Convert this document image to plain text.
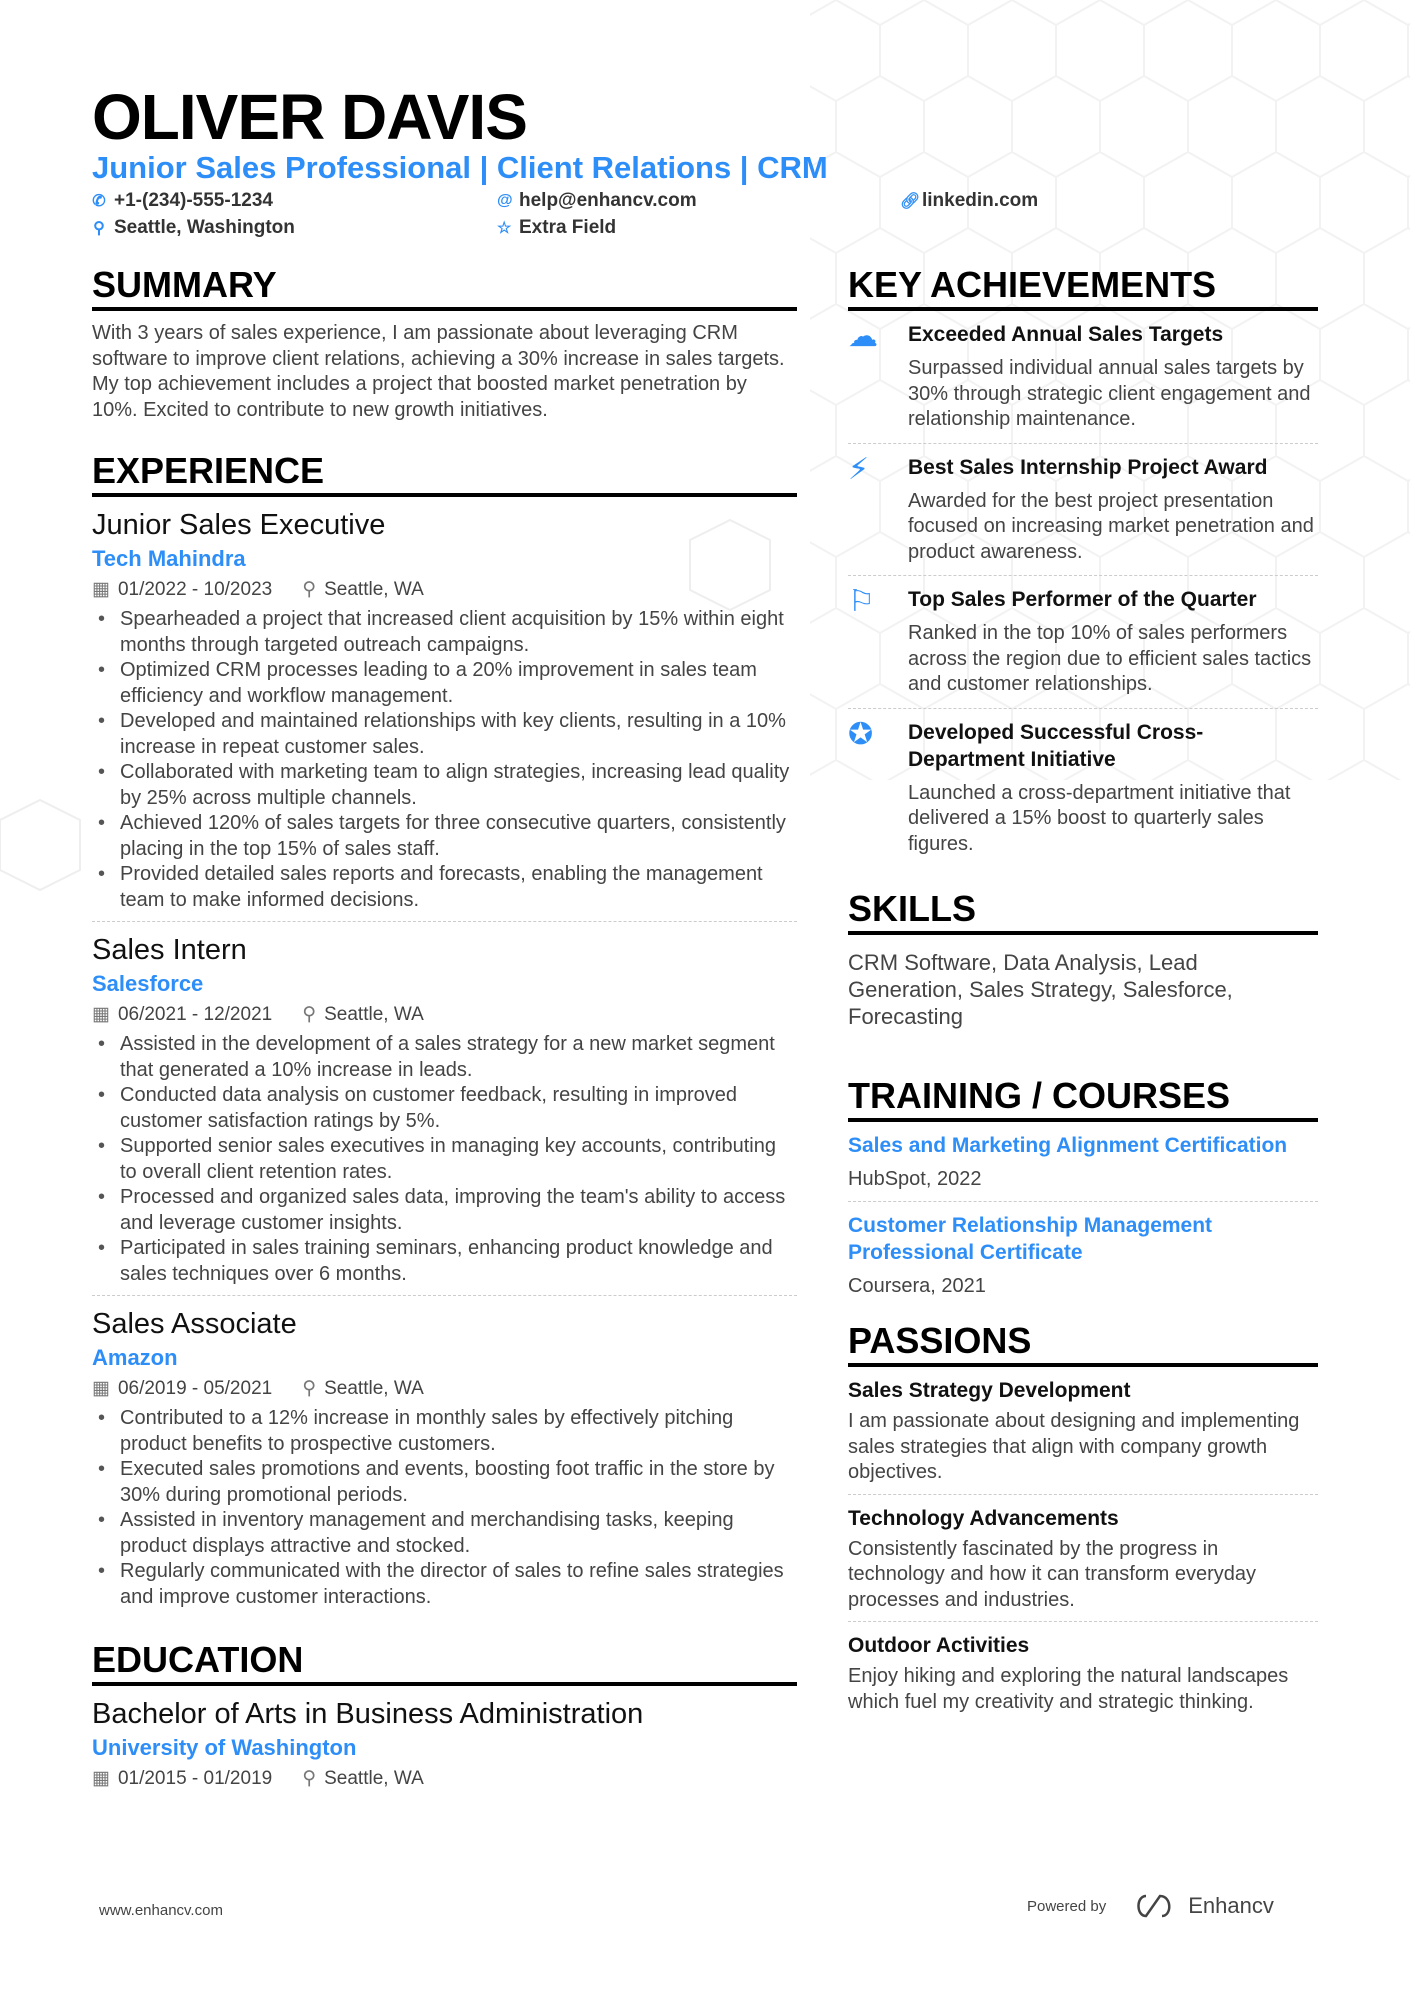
OLIVER DAVIS
Junior Sales Professional | Client Relations | CRM
✆ +1-(234)-555-1234	@ help@enhancv.com	🔗︎ linkedin.com
⚲ Seattle, Washington	☆ Extra Field
SUMMARY

With 3 years of sales experience, I am passionate about leveraging CRM software to improve client relations, achieving a 30% increase in sales targets. My top achievement includes a project that boosted market penetration by 10%. Excited to contribute to new growth initiatives.

EXPERIENCE
Junior Sales Executive
Tech Mahindra
▦ 01/2022 - 10/2023 ⚲ Seattle, WA
• Spearheaded a project that increased client acquisition by 15% within eight months through targeted outreach campaigns.
• Optimized CRM processes leading to a 20% improvement in sales team efficiency and workflow management.
• Developed and maintained relationships with key clients, resulting in a 10% increase in repeat customer sales.
• Collaborated with marketing team to align strategies, increasing lead quality by 25% across multiple channels.
• Achieved 120% of sales targets for three consecutive quarters, consistently placing in the top 15% of sales staff.
• Provided detailed sales reports and forecasts, enabling the management team to make informed decisions.
Sales Intern
Salesforce
▦ 06/2021 - 12/2021 ⚲ Seattle, WA
• Assisted in the development of a sales strategy for a new market segment that generated a 10% increase in leads.
• Conducted data analysis on customer feedback, resulting in improved customer satisfaction ratings by 5%.
• Supported senior sales executives in managing key accounts, contributing to overall client retention rates.
• Processed and organized sales data, improving the team's ability to access and leverage customer insights.
• Participated in sales training seminars, enhancing product knowledge and sales techniques over 6 months.
Sales Associate
Amazon
▦ 06/2019 - 05/2021 ⚲ Seattle, WA
• Contributed to a 12% increase in monthly sales by effectively pitching product benefits to prospective customers.
• Executed sales promotions and events, boosting foot traffic in the store by 30% during promotional periods.
• Assisted in inventory management and merchandising tasks, keeping product displays attractive and stocked.
• Regularly communicated with the director of sales to refine sales strategies and improve customer interactions.
EDUCATION
Bachelor of Arts in Business Administration
University of Washington
▦ 01/2015 - 01/2019 ⚲ Seattle, WA
KEY ACHIEVEMENTS
☁	Exceeded Annual Sales Targets

Surpassed individual annual sales targets by 30% through strategic client engagement and relationship maintenance.

⚡︎	Best Sales Internship Project Award

Awarded for the best project presentation focused on increasing market penetration and product awareness.

⚐	Top Sales Performer of the Quarter

Ranked in the top 10% of sales performers across the region due to efficient sales tactics and customer relationships.

✪	Developed Successful Cross-Department Initiative

Launched a cross-department initiative that delivered a 15% boost to quarterly sales figures.

SKILLS

CRM Software, Data Analysis, Lead Generation, Sales Strategy, Salesforce, Forecasting

TRAINING / COURSES
Sales and Marketing Alignment Certification
HubSpot, 2022
Customer Relationship Management Professional Certificate
Coursera, 2021
PASSIONS
Sales Strategy Development

I am passionate about designing and implementing sales strategies that align with company growth objectives.

Technology Advancements

Consistently fascinated by the progress in technology and how it can transform everyday processes and industries.

Outdoor Activities

Enjoy hiking and exploring the natural landscapes which fuel my creativity and strategic thinking.

www.enhancv.com	Powered by	Enhancv
